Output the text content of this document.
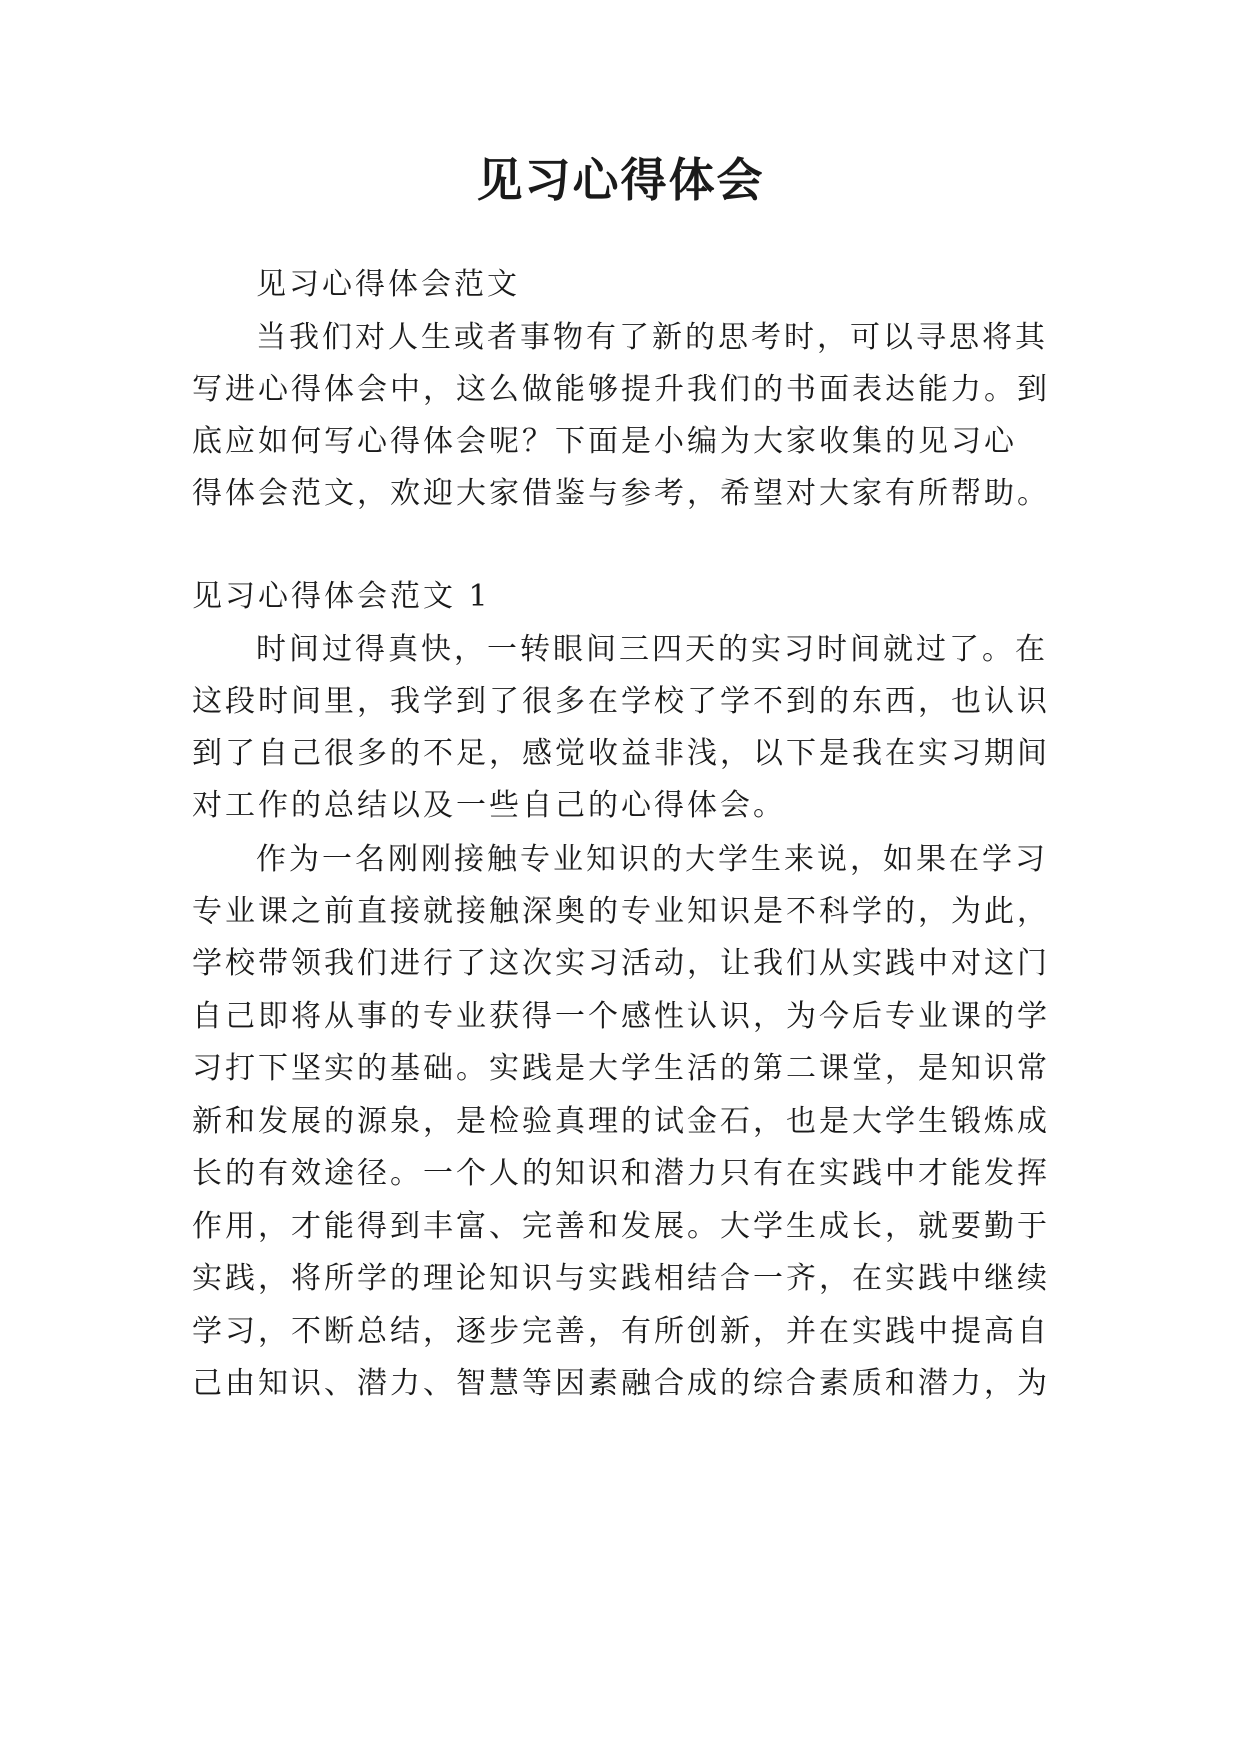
见习心得体会
见习心得体会范文
当我们对人生或者事物有了新的思考时，可以寻思将其
写进心得体会中，这么做能够提升我们的书面表达能力。到
底应如何写心得体会呢？下面是小编为大家收集的见习心
得体会范文，欢迎大家借鉴与参考，希望对大家有所帮助。
见习心得体会范文 1
时间过得真快，一转眼间三四天的实习时间就过了。在
这段时间里，我学到了很多在学校了学不到的东西，也认识
到了自己很多的不足，感觉收益非浅，以下是我在实习期间
对工作的总结以及一些自己的心得体会。
作为一名刚刚接触专业知识的大学生来说，如果在学习
专业课之前直接就接触深奥的专业知识是不科学的，为此，
学校带领我们进行了这次实习活动，让我们从实践中对这门
自己即将从事的专业获得一个感性认识，为今后专业课的学
习打下坚实的基础。实践是大学生活的第二课堂，是知识常
新和发展的源泉，是检验真理的试金石，也是大学生锻炼成
长的有效途径。一个人的知识和潜力只有在实践中才能发挥
作用，才能得到丰富、完善和发展。大学生成长，就要勤于
实践，将所学的理论知识与实践相结合一齐，在实践中继续
学习，不断总结，逐步完善，有所创新，并在实践中提高自
己由知识、潜力、智慧等因素融合成的综合素质和潜力，为
